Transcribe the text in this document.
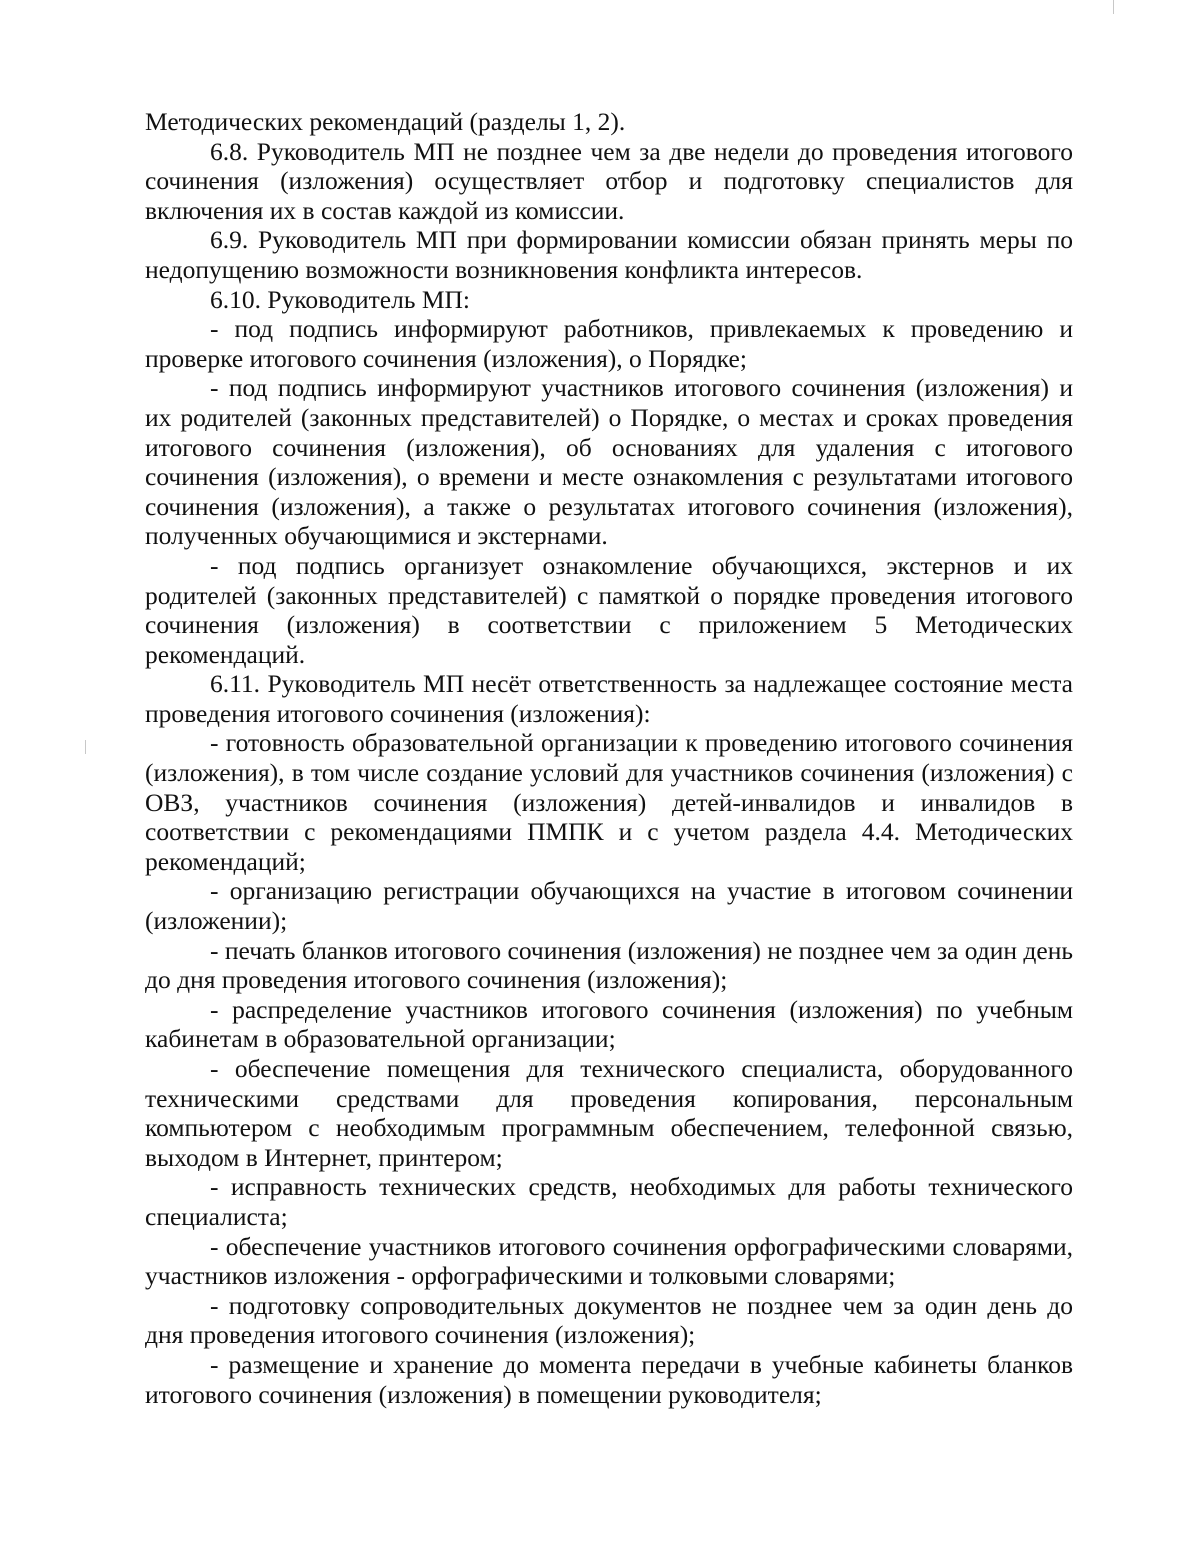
Методических рекомендаций (разделы 1, 2).

6.8. Руководитель МП не позднее чем за две недели до проведения итогового сочинения (изложения) осуществляет отбор и подготовку специалистов для включения их в состав каждой из комиссии.

6.9. Руководитель МП при формировании комиссии обязан принять меры по недопущению возможности возникновения конфликта интересов.

6.10. Руководитель МП:

- под подпись информируют работников, привлекаемых к проведению и проверке итогового сочинения (изложения), о Порядке;

- под подпись информируют участников итогового сочинения (изложения) и их родителей (законных представителей) о Порядке, о местах и сроках проведения итогового сочинения (изложения), об основаниях для удаления с итогового сочинения (изложения), о времени и месте ознакомления с результатами итогового сочинения (изложения), а также о результатах итогового сочинения (изложения), полученных обучающимися и экстернами.

- под подпись организует ознакомление обучающихся, экстернов и их родителей (законных представителей) с памяткой о порядке проведения итогового сочинения (изложения) в соответствии с приложением 5 Методических рекомендаций.

6.11. Руководитель МП несёт ответственность за надлежащее состояние места проведения итогового сочинения (изложения):

- готовность образовательной организации к проведению итогового сочинения (изложения), в том числе создание условий для участников сочинения (изложения) с ОВЗ, участников сочинения (изложения) детей-инвалидов и инвалидов в соответствии с рекомендациями ПМПК и с учетом раздела 4.4. Методических рекомендаций;

- организацию регистрации обучающихся на участие в итоговом сочинении (изложении);

- печать бланков итогового сочинения (изложения) не позднее чем за один день до дня проведения итогового сочинения (изложения);

- распределение участников итогового сочинения (изложения) по учебным кабинетам в образовательной организации;

- обеспечение помещения для технического специалиста, оборудованного техническими средствами для проведения копирования, персональным компьютером с необходимым программным обеспечением, телефонной связью, выходом в Интернет, принтером;

- исправность технических средств, необходимых для работы технического специалиста;

- обеспечение участников итогового сочинения орфографическими словарями, участников изложения - орфографическими и толковыми словарями;

- подготовку сопроводительных документов не позднее чем за один день до дня проведения итогового сочинения (изложения);

- размещение и хранение до момента передачи в учебные кабинеты бланков итогового сочинения (изложения) в помещении руководителя;
